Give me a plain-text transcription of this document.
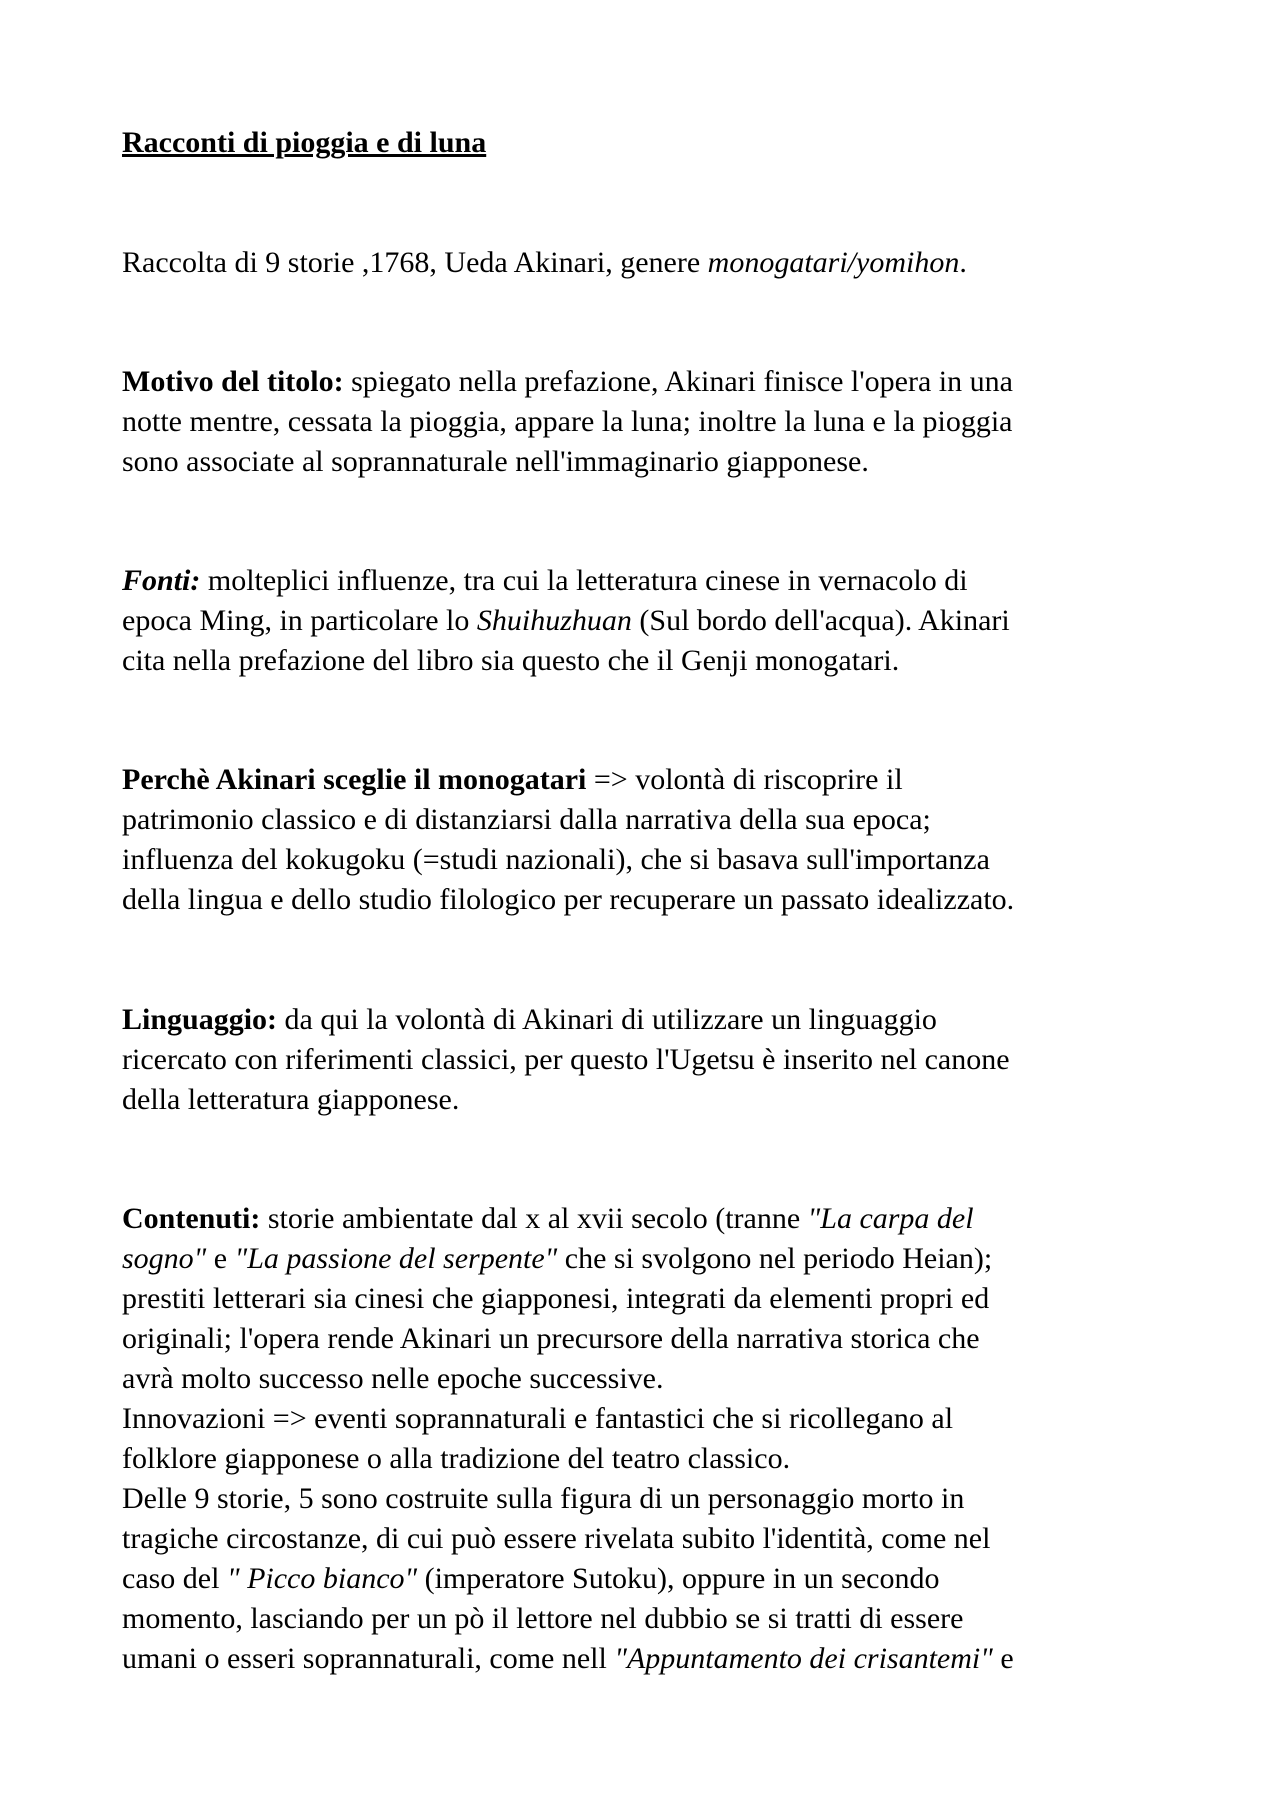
Racconti di pioggia e di luna

Raccolta di 9 storie ,1768, Ueda Akinari, genere monogatari/yomihon.

Motivo del titolo: spiegato nella prefazione, Akinari finisce l'opera in una
notte mentre, cessata la pioggia, appare la luna; inoltre la luna e la pioggia
sono associate al soprannaturale nell'immaginario giapponese.

Fonti: molteplici influenze, tra cui la letteratura cinese in vernacolo di
epoca Ming, in particolare lo Shuihuzhuan (Sul bordo dell'acqua). Akinari
cita nella prefazione del libro sia questo che il Genji monogatari.

Perchè Akinari sceglie il monogatari => volontà di riscoprire il
patrimonio classico e di distanziarsi dalla narrativa della sua epoca;
influenza del kokugoku (=studi nazionali), che si basava sull'importanza
della lingua e dello studio filologico per recuperare un passato idealizzato.

Linguaggio: da qui la volontà di Akinari di utilizzare un linguaggio
ricercato con riferimenti classici, per questo l'Ugetsu è inserito nel canone
della letteratura giapponese.

Contenuti: storie ambientate dal x al xvii secolo (tranne "La carpa del
sogno" e "La passione del serpente" che si svolgono nel periodo Heian);
prestiti letterari sia cinesi che giapponesi, integrati da elementi propri ed
originali; l'opera rende Akinari un precursore della narrativa storica che
avrà molto successo nelle epoche successive.
Innovazioni => eventi soprannaturali e fantastici che si ricollegano al
folklore giapponese o alla tradizione del teatro classico.
Delle 9 storie, 5 sono costruite sulla figura di un personaggio morto in
tragiche circostanze, di cui può essere rivelata subito l'identità, come nel
caso del " Picco bianco" (imperatore Sutoku), oppure in un secondo
momento, lasciando per un pò il lettore nel dubbio se si tratti di essere
umani o esseri soprannaturali, come nell "Appuntamento dei crisantemi" e
